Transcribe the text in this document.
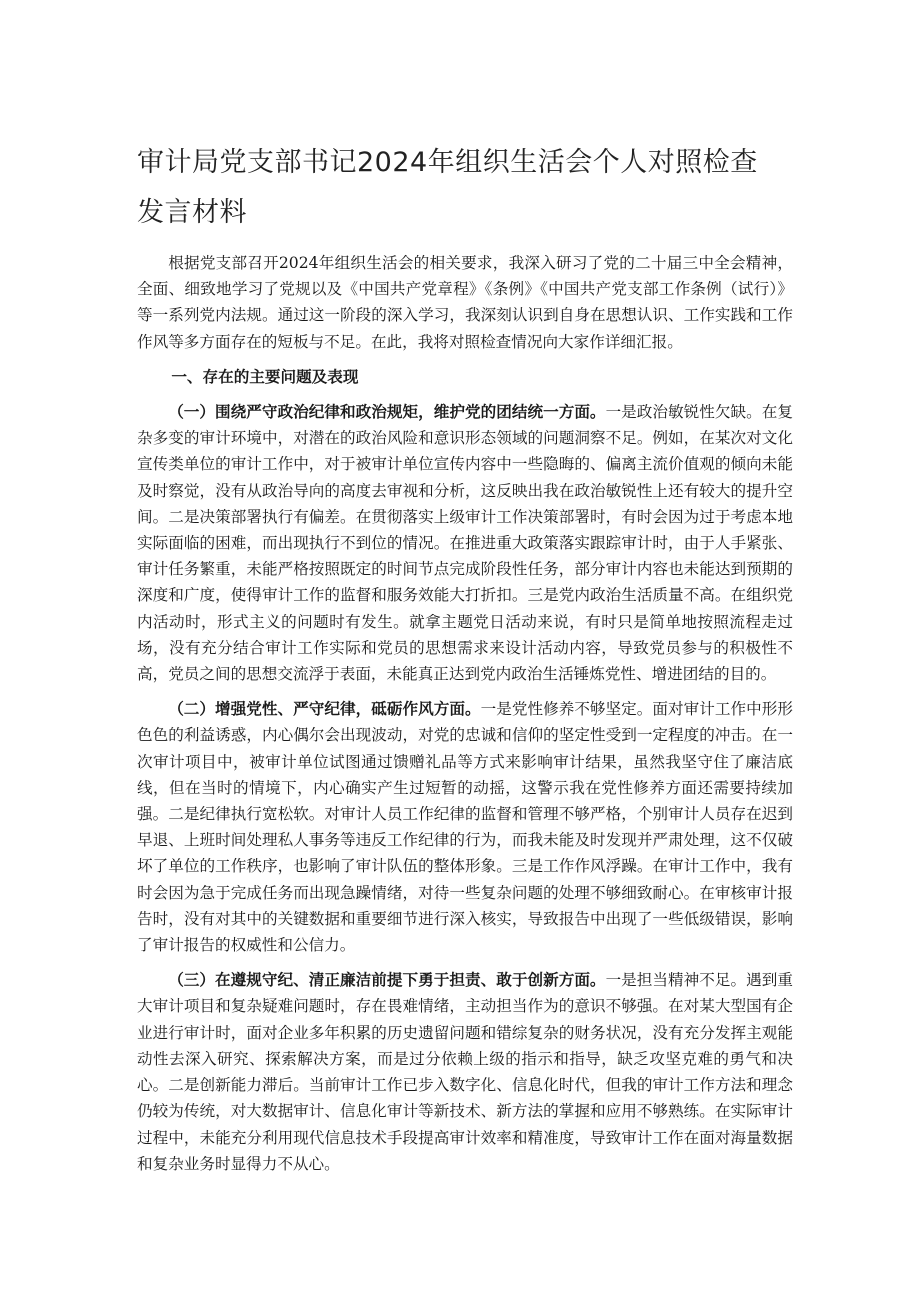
审计局党支部书记2024年组织生活会个人对照检查
发言材料

根据党支部召开2024年组织生活会的相关要求，我深入研习了党的二十届三中全会精神，全面、细致地学习了党规以及《中国共产党章程》《条例》《中国共产党支部工作条例（试行）》等一系列党内法规。通过这一阶段的深入学习，我深刻认识到自身在思想认识、工作实践和工作作风等多方面存在的短板与不足。在此，我将对照检查情况向大家作详细汇报。

一、存在的主要问题及表现

（一）围绕严守政治纪律和政治规矩，维护党的团结统一方面。一是政治敏锐性欠缺。在复杂多变的审计环境中，对潜在的政治风险和意识形态领域的问题洞察不足。例如，在某次对文化宣传类单位的审计工作中，对于被审计单位宣传内容中一些隐晦的、偏离主流价值观的倾向未能及时察觉，没有从政治导向的高度去审视和分析，这反映出我在政治敏锐性上还有较大的提升空间。二是决策部署执行有偏差。在贯彻落实上级审计工作决策部署时，有时会因为过于考虑本地实际面临的困难，而出现执行不到位的情况。在推进重大政策落实跟踪审计时，由于人手紧张、审计任务繁重，未能严格按照既定的时间节点完成阶段性任务，部分审计内容也未能达到预期的深度和广度，使得审计工作的监督和服务效能大打折扣。三是党内政治生活质量不高。在组织党内活动时，形式主义的问题时有发生。就拿主题党日活动来说，有时只是简单地按照流程走过场，没有充分结合审计工作实际和党员的思想需求来设计活动内容，导致党员参与的积极性不高，党员之间的思想交流浮于表面，未能真正达到党内政治生活锤炼党性、增进团结的目的。

（二）增强党性、严守纪律，砥砺作风方面。一是党性修养不够坚定。面对审计工作中形形色色的利益诱惑，内心偶尔会出现波动，对党的忠诚和信仰的坚定性受到一定程度的冲击。在一次审计项目中，被审计单位试图通过馈赠礼品等方式来影响审计结果，虽然我坚守住了廉洁底线，但在当时的情境下，内心确实产生过短暂的动摇，这警示我在党性修养方面还需要持续加强。二是纪律执行宽松软。对审计人员工作纪律的监督和管理不够严格，个别审计人员存在迟到早退、上班时间处理私人事务等违反工作纪律的行为，而我未能及时发现并严肃处理，这不仅破坏了单位的工作秩序，也影响了审计队伍的整体形象。三是工作作风浮躁。在审计工作中，我有时会因为急于完成任务而出现急躁情绪，对待一些复杂问题的处理不够细致耐心。在审核审计报告时，没有对其中的关键数据和重要细节进行深入核实，导致报告中出现了一些低级错误，影响了审计报告的权威性和公信力。

（三）在遵规守纪、清正廉洁前提下勇于担责、敢于创新方面。一是担当精神不足。遇到重大审计项目和复杂疑难问题时，存在畏难情绪，主动担当作为的意识不够强。在对某大型国有企业进行审计时，面对企业多年积累的历史遗留问题和错综复杂的财务状况，没有充分发挥主观能动性去深入研究、探索解决方案，而是过分依赖上级的指示和指导，缺乏攻坚克难的勇气和决心。二是创新能力滞后。当前审计工作已步入数字化、信息化时代，但我的审计工作方法和理念仍较为传统，对大数据审计、信息化审计等新技术、新方法的掌握和应用不够熟练。在实际审计过程中，未能充分利用现代信息技术手段提高审计效率和精准度，导致审计工作在面对海量数据和复杂业务时显得力不从心。
